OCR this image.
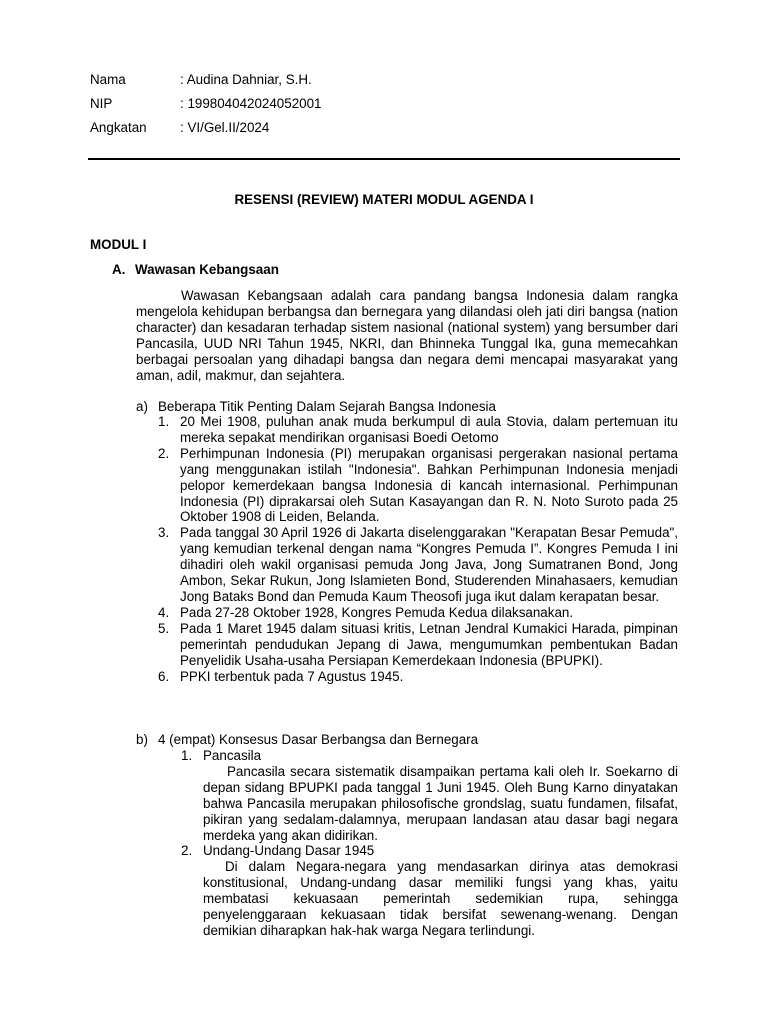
Nama	: Audina Dahniar, S.H.
NIP	: 199804042024052001
Angkatan	: VI/Gel.II/2024
RESENSI (REVIEW) MATERI MODUL AGENDA I
MODUL I
A. Wawasan Kebangsaan

Wawasan Kebangsaan adalah cara pandang bangsa Indonesia dalam rangka mengelola kehidupan berbangsa dan bernegara yang dilandasi oleh jati diri bangsa (nation character) dan kesadaran terhadap sistem nasional (national system) yang bersumber dari Pancasila, UUD NRI Tahun 1945, NKRI, dan Bhinneka Tunggal Ika, guna memecahkan berbagai persoalan yang dihadapi bangsa dan negara demi mencapai masyarakat yang aman, adil, makmur, dan sejahtera.

a) Beberapa Titik Penting Dalam Sejarah Bangsa Indonesia
1. 20 Mei 1908, puluhan anak muda berkumpul di aula Stovia, dalam pertemuan itu mereka sepakat mendirikan organisasi Boedi Oetomo
2. Perhimpunan Indonesia (PI) merupakan organisasi pergerakan nasional pertama yang menggunakan istilah "Indonesia". Bahkan Perhimpunan Indonesia menjadi pelopor kemerdekaan bangsa Indonesia di kancah internasional. Perhimpunan Indonesia (PI) diprakarsai oleh Sutan Kasayangan dan R. N. Noto Suroto pada 25 Oktober 1908 di Leiden, Belanda.
3. Pada tanggal 30 April 1926 di Jakarta diselenggarakan "Kerapatan Besar Pemuda", yang kemudian terkenal dengan nama “Kongres Pemuda I”. Kongres Pemuda I ini dihadiri oleh wakil organisasi pemuda Jong Java, Jong Sumatranen Bond, Jong Ambon, Sekar Rukun, Jong Islamieten Bond, Studerenden Minahasaers, kemudian Jong Bataks Bond dan Pemuda Kaum Theosofi juga ikut dalam kerapatan besar.
4. Pada 27-28 Oktober 1928, Kongres Pemuda Kedua dilaksanakan.
5. Pada 1 Maret 1945 dalam situasi kritis, Letnan Jendral Kumakici Harada, pimpinan pemerintah pendudukan Jepang di Jawa, mengumumkan pembentukan Badan Penyelidik Usaha-usaha Persiapan Kemerdekaan Indonesia (BPUPKI).
6. PPKI terbentuk pada 7 Agustus 1945.
b) 4 (empat) Konsesus Dasar Berbangsa dan Bernegara
1. Pancasila
Pancasila secara sistematik disampaikan pertama kali oleh Ir. Soekarno di depan sidang BPUPKI pada tanggal 1 Juni 1945. Oleh Bung Karno dinyatakan bahwa Pancasila merupakan philosofische grondslag, suatu fundamen, filsafat, pikiran yang sedalam-dalamnya, merupaan landasan atau dasar bagi negara merdeka yang akan didirikan.
2. Undang-Undang Dasar 1945
Di dalam Negara-negara yang mendasarkan dirinya atas demokrasi konstitusional, Undang-undang dasar memiliki fungsi yang khas, yaitu membatasi kekuasaan pemerintah sedemikian rupa, sehingga penyelenggaraan kekuasaan tidak bersifat sewenang-wenang. Dengan demikian diharapkan hak-hak warga Negara terlindungi.
